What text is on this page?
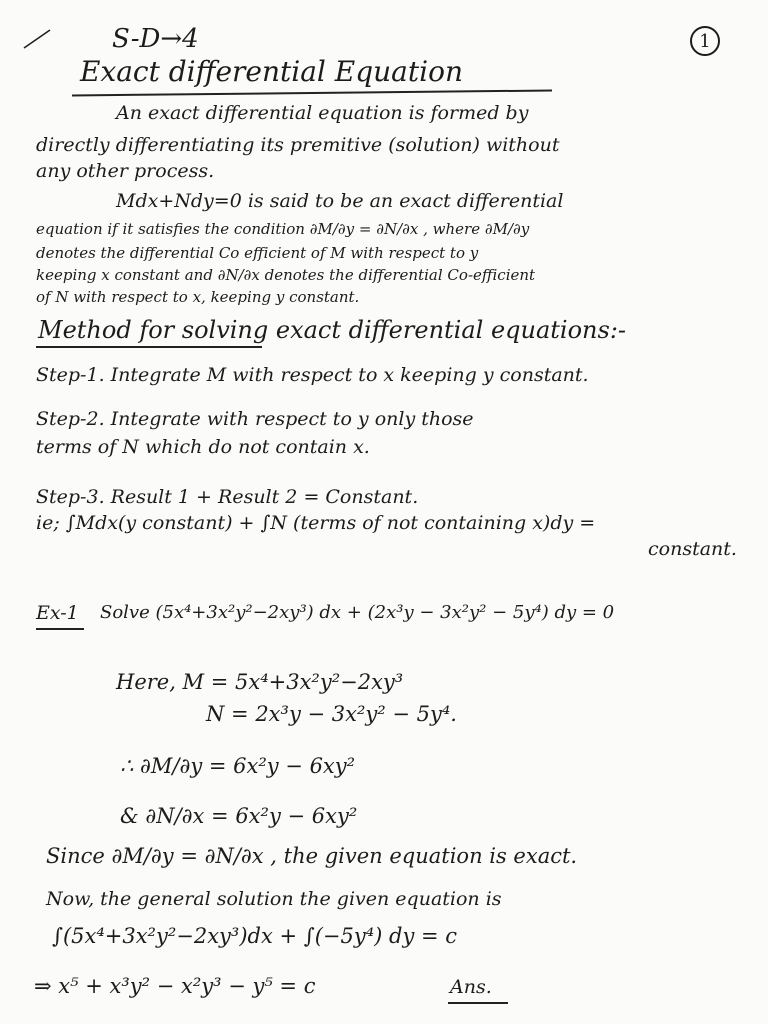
S-D→4	1
Exact differential Equation
An exact differential equation is formed by
directly differentiating its premitive (solution) without
any other process.
Mdx+Ndy=0 is said to be an exact differential
equation if it satisfies the condition ∂M/∂y = ∂N/∂x , where ∂M/∂y
denotes the differential Co efficient of M with respect to y
keeping x constant and ∂N/∂x denotes the differential Co-efficient
of N with respect to x, keeping y constant.
Method for solving exact differential equations:-
Step-1. Integrate M with respect to x keeping y constant.
Step-2. Integrate with respect to y only those
terms of N which do not contain x.
Step-3. Result 1 + Result 2 = Constant.
ie; ∫Mdx(y constant) + ∫N (terms of not containing x)dy =
constant.
Ex-1 Solve (5x⁴+3x²y²−2xy³) dx + (2x³y − 3x²y² − 5y⁴) dy = 0
Here, M = 5x⁴+3x²y²−2xy³
N = 2x³y − 3x²y² − 5y⁴.
∴ ∂M/∂y = 6x²y − 6xy²
& ∂N/∂x = 6x²y − 6xy²
Since ∂M/∂y = ∂N/∂x , the given equation is exact.
Now, the general solution the given equation is
∫(5x⁴+3x²y²−2xy³)dx + ∫(−5y⁴) dy = c
⇒ x⁵ + x³y² − x²y³ − y⁵ = c	Ans.
